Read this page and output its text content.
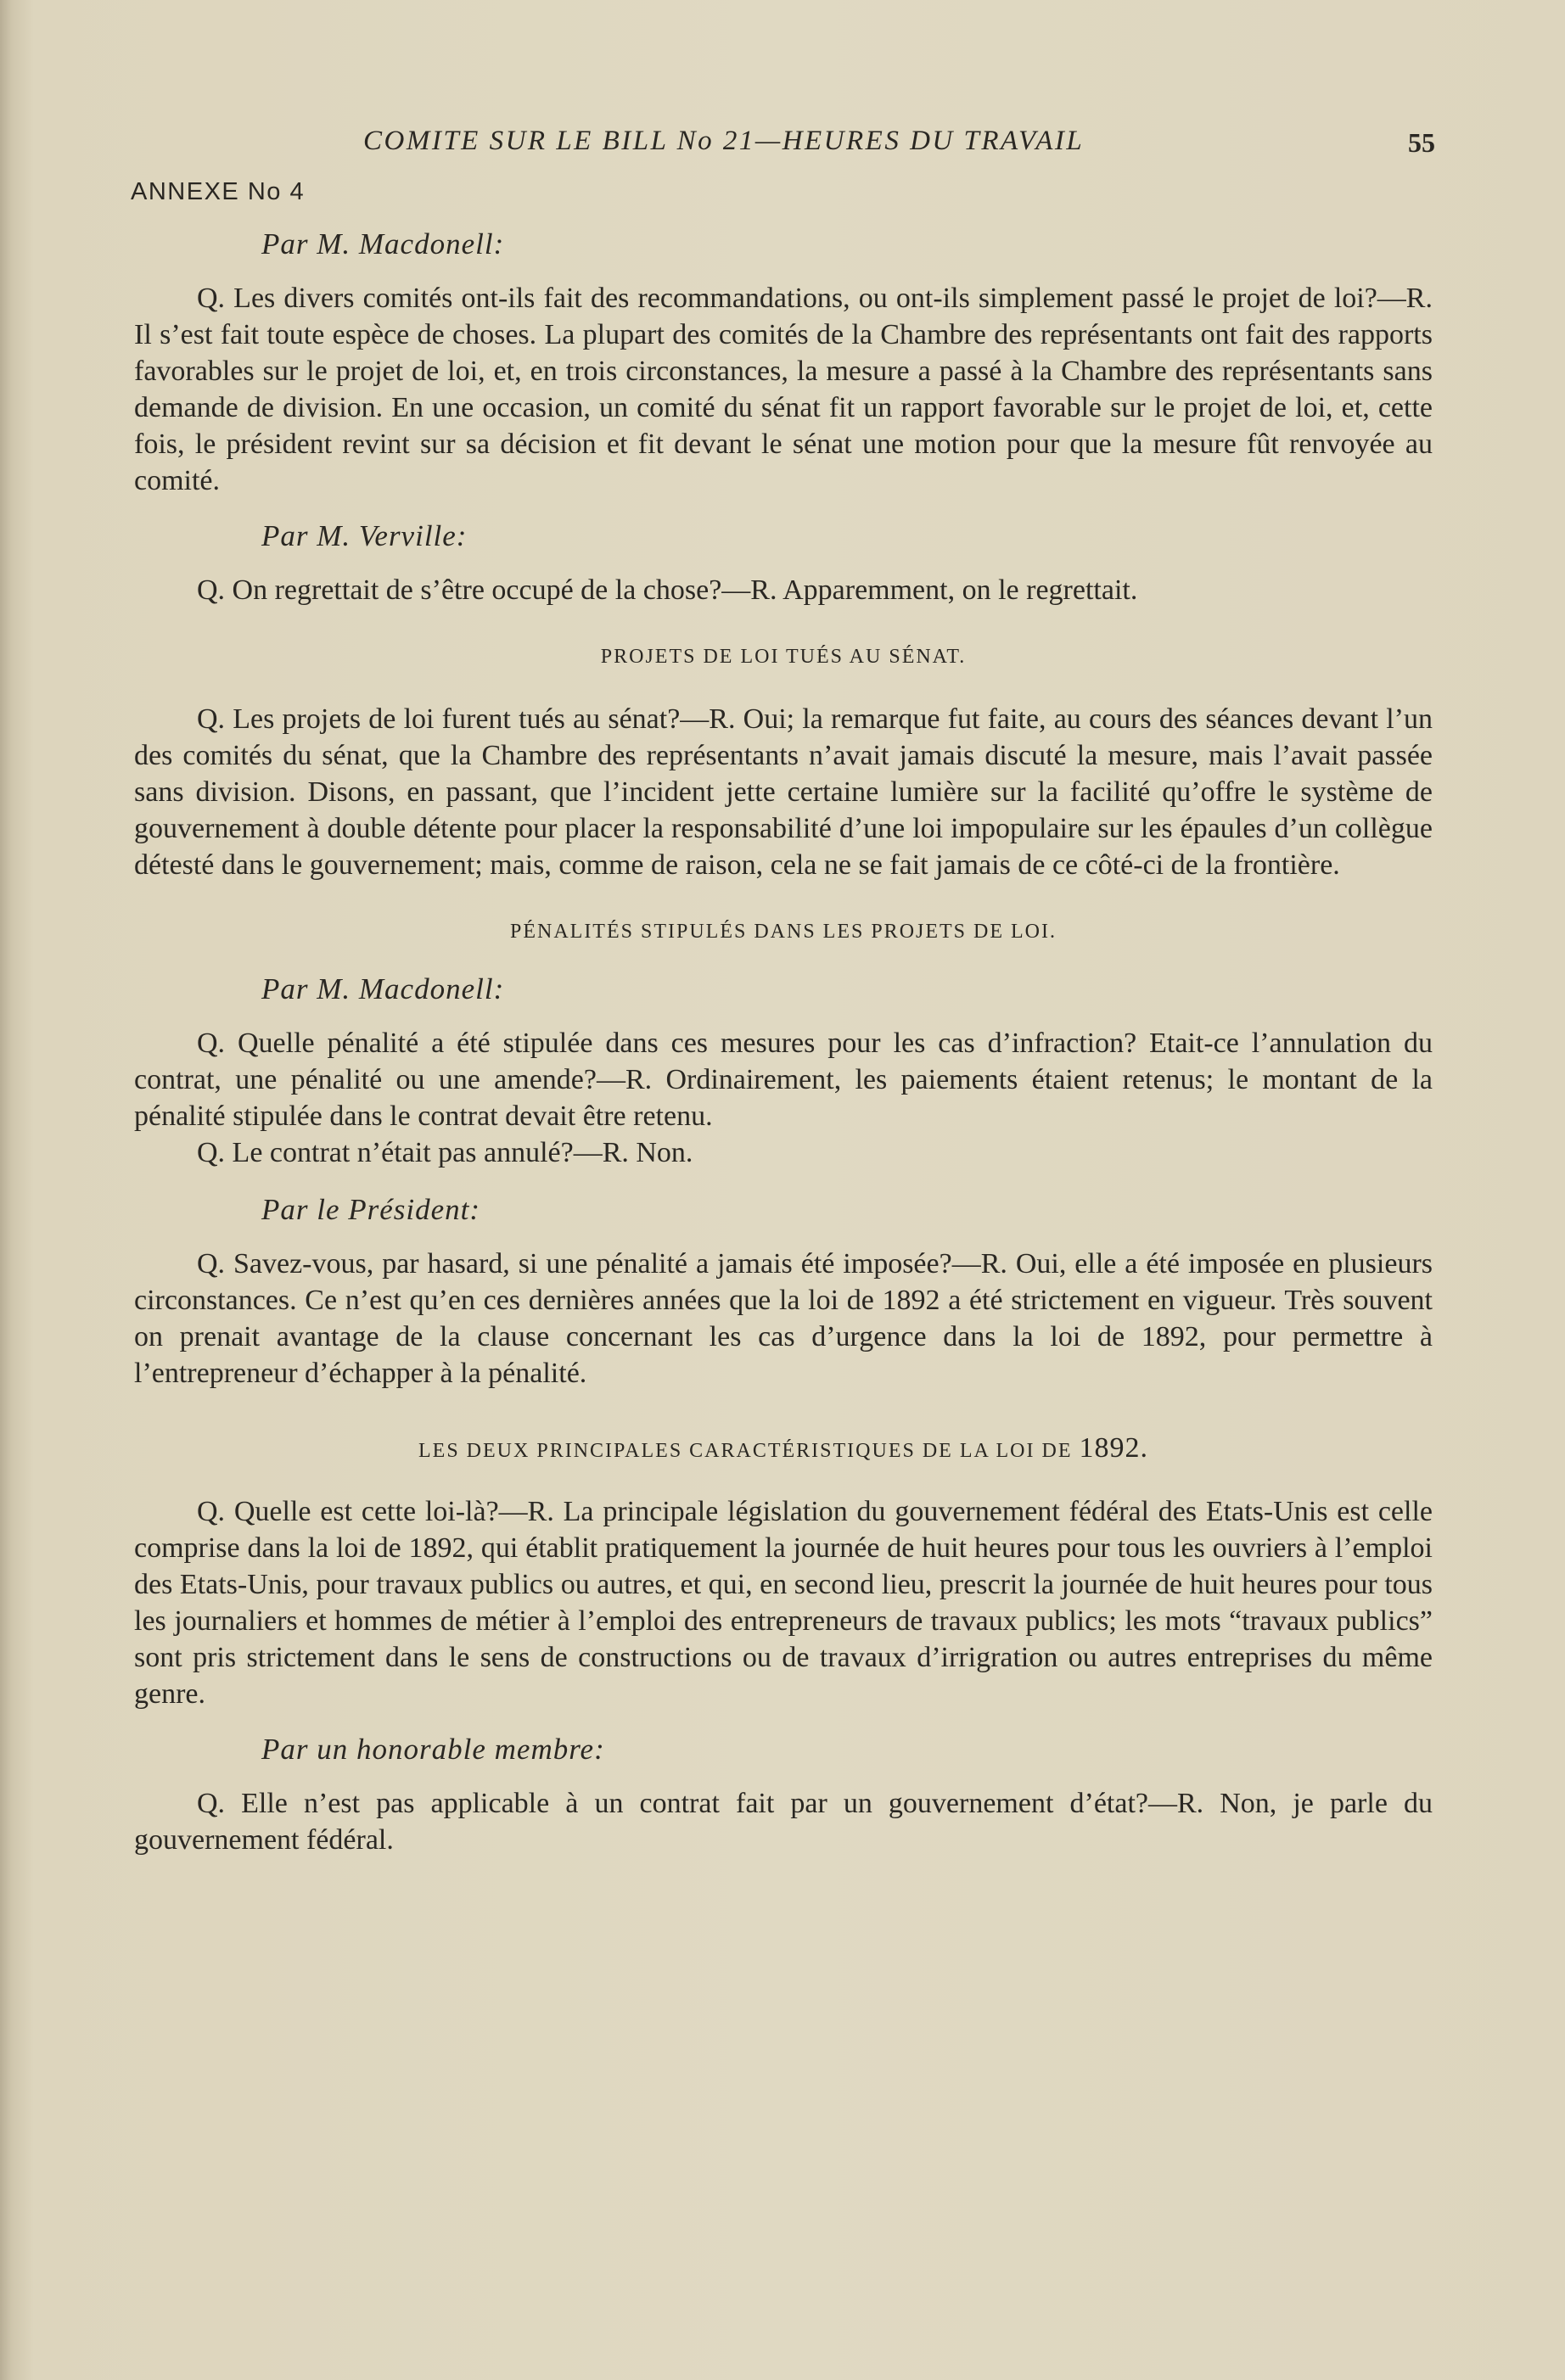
COMITE SUR LE BILL No 21—HEURES DU TRAVAIL	55
ANNEXE No 4
Par M. Macdonell:

Q. Les divers comités ont-ils fait des recommandations, ou ont-ils simplement passé le projet de loi?—R. Il s’est fait toute espèce de choses. La plupart des comités de la Chambre des représentants ont fait des rapports favorables sur le projet de loi, et, en trois circonstances, la mesure a passé à la Chambre des représentants sans demande de division. En une occasion, un comité du sénat fit un rapport favorable sur le projet de loi, et, cette fois, le président revint sur sa décision et fit devant le sénat une motion pour que la mesure fût renvoyée au comité.

Par M. Verville:

Q. On regrettait de s’être occupé de la chose?—R. Apparemment, on le regrettait.

PROJETS DE LOI TUÉS AU SÉNAT.

Q. Les projets de loi furent tués au sénat?—R. Oui; la remarque fut faite, au cours des séances devant l’un des comités du sénat, que la Chambre des représentants n’avait jamais discuté la mesure, mais l’avait passée sans division. Disons, en passant, que l’incident jette certaine lumière sur la facilité qu’offre le système de gouvernement à double détente pour placer la responsabilité d’une loi impopulaire sur les épaules d’un collègue détesté dans le gouvernement; mais, comme de raison, cela ne se fait jamais de ce côté-ci de la frontière.

PÉNALITÉS STIPULÉS DANS LES PROJETS DE LOI.

Par M. Macdonell:

Q. Quelle pénalité a été stipulée dans ces mesures pour les cas d’infraction? Etait-ce l’annulation du contrat, une pénalité ou une amende?—R. Ordinairement, les paiements étaient retenus; le montant de la pénalité stipulée dans le contrat devait être retenu.

Q. Le contrat n’était pas annulé?—R. Non.

Par le Président:

Q. Savez-vous, par hasard, si une pénalité a jamais été imposée?—R. Oui, elle a été imposée en plusieurs circonstances. Ce n’est qu’en ces dernières années que la loi de 1892 a été strictement en vigueur. Très souvent on prenait avantage de la clause concernant les cas d’urgence dans la loi de 1892, pour permettre à l’entrepreneur d’échapper à la pénalité.

LES DEUX PRINCIPALES CARACTÉRISTIQUES DE LA LOI DE 1892.

Q. Quelle est cette loi-là?—R. La principale législation du gouvernement fédéral des Etats-Unis est celle comprise dans la loi de 1892, qui établit pratiquement la journée de huit heures pour tous les ouvriers à l’emploi des Etats-Unis, pour travaux publics ou autres, et qui, en second lieu, prescrit la journée de huit heures pour tous les journaliers et hommes de métier à l’emploi des entrepreneurs de travaux publics; les mots “travaux publics” sont pris strictement dans le sens de constructions ou de travaux d’irrigration ou autres entreprises du même genre.

Par un honorable membre:

Q. Elle n’est pas applicable à un contrat fait par un gouvernement d’état?—R. Non, je parle du gouvernement fédéral.
